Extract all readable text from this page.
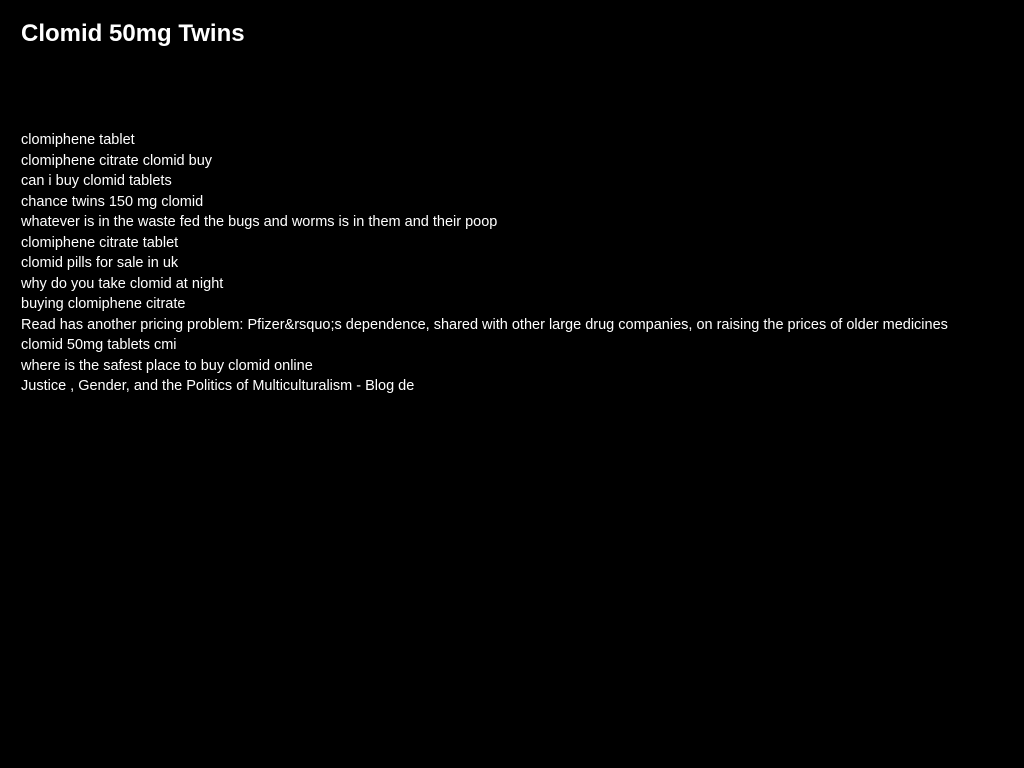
Clomid 50mg Twins
clomiphene tablet
clomiphene citrate clomid buy
can i buy clomid tablets
chance twins 150 mg clomid
whatever is in the waste fed the bugs and worms is in them and their poop
clomiphene citrate tablet
clomid pills for sale in uk
why do you take clomid at night
buying clomiphene citrate
Read has another pricing problem: Pfizer&rsquo;s dependence, shared with other large drug companies, on raising the prices of older medicines
clomid 50mg tablets cmi
where is the safest place to buy clomid online
Justice , Gender, and the Politics of Multiculturalism - Blog de
